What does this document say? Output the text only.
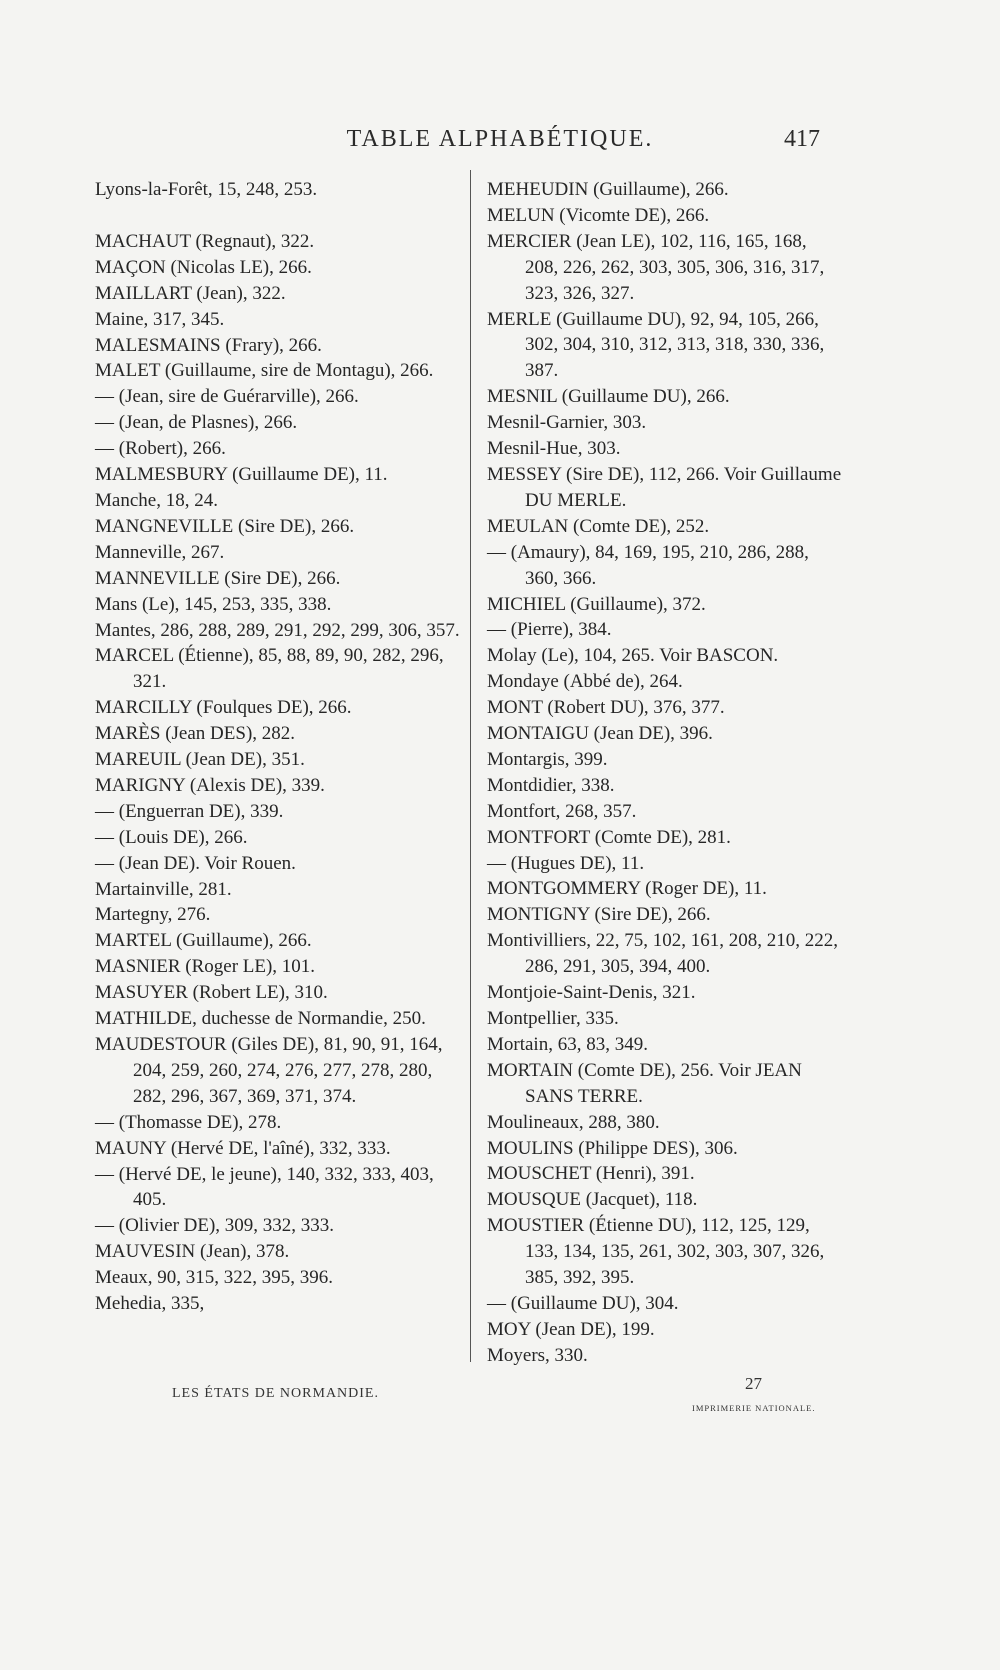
TABLE ALPHABÉTIQUE.	417
Lyons-la-Forêt, 15, 248, 253.
MACHAUT (Regnaut), 322.
MAÇON (Nicolas LE), 266.
MAILLART (Jean), 322.
Maine, 317, 345.
MALESMAINS (Frary), 266.
MALET (Guillaume, sire de Montagu), 266.
— (Jean, sire de Guérarville), 266.
— (Jean, de Plasnes), 266.
— (Robert), 266.
MALMESBURY (Guillaume DE), 11.
Manche, 18, 24.
MANGNEVILLE (Sire DE), 266.
Manneville, 267.
MANNEVILLE (Sire DE), 266.
Mans (Le), 145, 253, 335, 338.
Mantes, 286, 288, 289, 291, 292, 299, 306, 357.
MARCEL (Étienne), 85, 88, 89, 90, 282, 296, 321.
MARCILLY (Foulques DE), 266.
MARÈS (Jean DES), 282.
MAREUIL (Jean DE), 351.
MARIGNY (Alexis DE), 339.
— (Enguerran DE), 339.
— (Louis DE), 266.
— (Jean DE). Voir Rouen.
Martainville, 281.
Martegny, 276.
MARTEL (Guillaume), 266.
MASNIER (Roger LE), 101.
MASUYER (Robert LE), 310.
MATHILDE, duchesse de Normandie, 250.
MAUDESTOUR (Giles DE), 81, 90, 91, 164, 204, 259, 260, 274, 276, 277, 278, 280, 282, 296, 367, 369, 371, 374.
— (Thomasse DE), 278.
MAUNY (Hervé DE, l'aîné), 332, 333.
— (Hervé DE, le jeune), 140, 332, 333, 403, 405.
— (Olivier DE), 309, 332, 333.
MAUVESIN (Jean), 378.
Meaux, 90, 315, 322, 395, 396.
Mehedia, 335,
MEHEUDIN (Guillaume), 266.
MELUN (Vicomte DE), 266.
MERCIER (Jean LE), 102, 116, 165, 168, 208, 226, 262, 303, 305, 306, 316, 317, 323, 326, 327.
MERLE (Guillaume DU), 92, 94, 105, 266, 302, 304, 310, 312, 313, 318, 330, 336, 387.
MESNIL (Guillaume DU), 266.
Mesnil-Garnier, 303.
Mesnil-Hue, 303.
MESSEY (Sire DE), 112, 266. Voir Guillaume DU MERLE.
MEULAN (Comte DE), 252.
— (Amaury), 84, 169, 195, 210, 286, 288, 360, 366.
MICHIEL (Guillaume), 372.
— (Pierre), 384.
Molay (Le), 104, 265. Voir BASCON.
Mondaye (Abbé de), 264.
MONT (Robert DU), 376, 377.
MONTAIGU (Jean DE), 396.
Montargis, 399.
Montdidier, 338.
Montfort, 268, 357.
MONTFORT (Comte DE), 281.
— (Hugues DE), 11.
MONTGOMMERY (Roger DE), 11.
MONTIGNY (Sire DE), 266.
Montivilliers, 22, 75, 102, 161, 208, 210, 222, 286, 291, 305, 394, 400.
Montjoie-Saint-Denis, 321.
Montpellier, 335.
Mortain, 63, 83, 349.
MORTAIN (Comte DE), 256. Voir JEAN SANS TERRE.
Moulineaux, 288, 380.
MOULINS (Philippe DES), 306.
MOUSCHET (Henri), 391.
MOUSQUE (Jacquet), 118.
MOUSTIER (Étienne DU), 112, 125, 129, 133, 134, 135, 261, 302, 303, 307, 326, 385, 392, 395.
— (Guillaume DU), 304.
MOY (Jean DE), 199.
Moyers, 330.
LES ÉTATS DE NORMANDIE.
27
IMPRIMERIE NATIONALE.
